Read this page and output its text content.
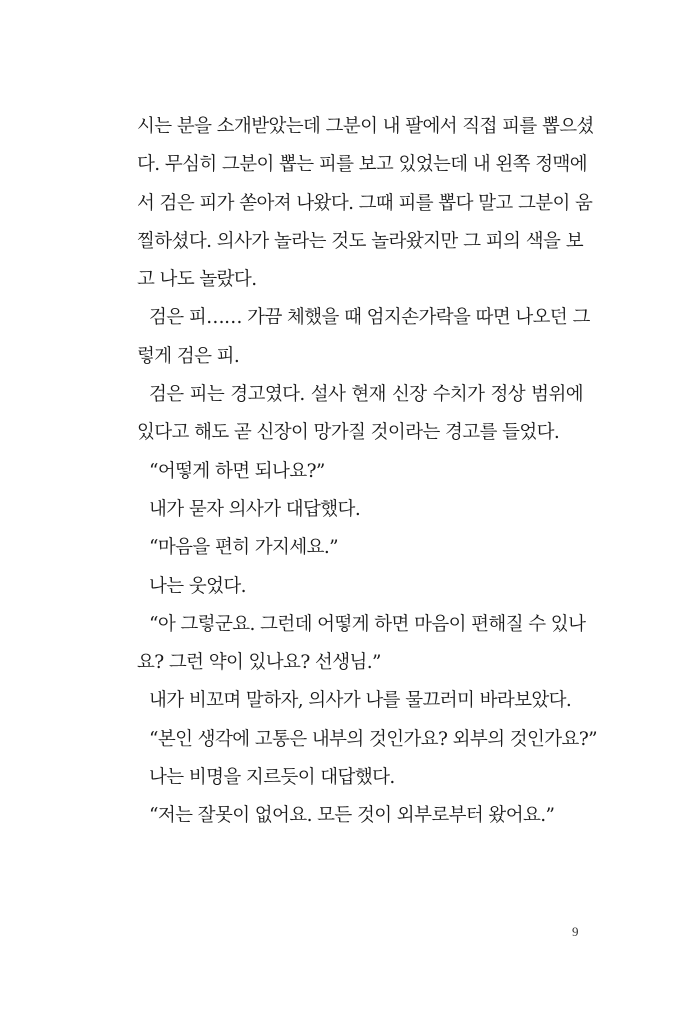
시는 분을 소개받았는데 그분이 내 팔에서 직접 피를 뽑으셨
다. 무심히 그분이 뽑는 피를 보고 있었는데 내 왼쪽 정맥에
서 검은 피가 쏟아져 나왔다. 그때 피를 뽑다 말고 그분이 움
찔하셨다. 의사가 놀라는 것도 놀라왔지만 그 피의 색을 보
고 나도 놀랐다.
검은 피…… 가끔 체했을 때 엄지손가락을 따면 나오던 그
렇게 검은 피.
검은 피는 경고였다. 설사 현재 신장 수치가 정상 범위에
있다고 해도 곧 신장이 망가질 것이라는 경고를 들었다.
“어떻게 하면 되나요?”
내가 묻자 의사가 대답했다.
“마음을 편히 가지세요.”
나는 웃었다.
“아 그렇군요. 그런데 어떻게 하면 마음이 편해질 수 있나
요? 그런 약이 있나요? 선생님.”
내가 비꼬며 말하자, 의사가 나를 물끄러미 바라보았다.
“본인 생각에 고통은 내부의 것인가요? 외부의 것인가요?”
나는 비명을 지르듯이 대답했다.
“저는 잘못이 없어요. 모든 것이 외부로부터 왔어요.”
9
